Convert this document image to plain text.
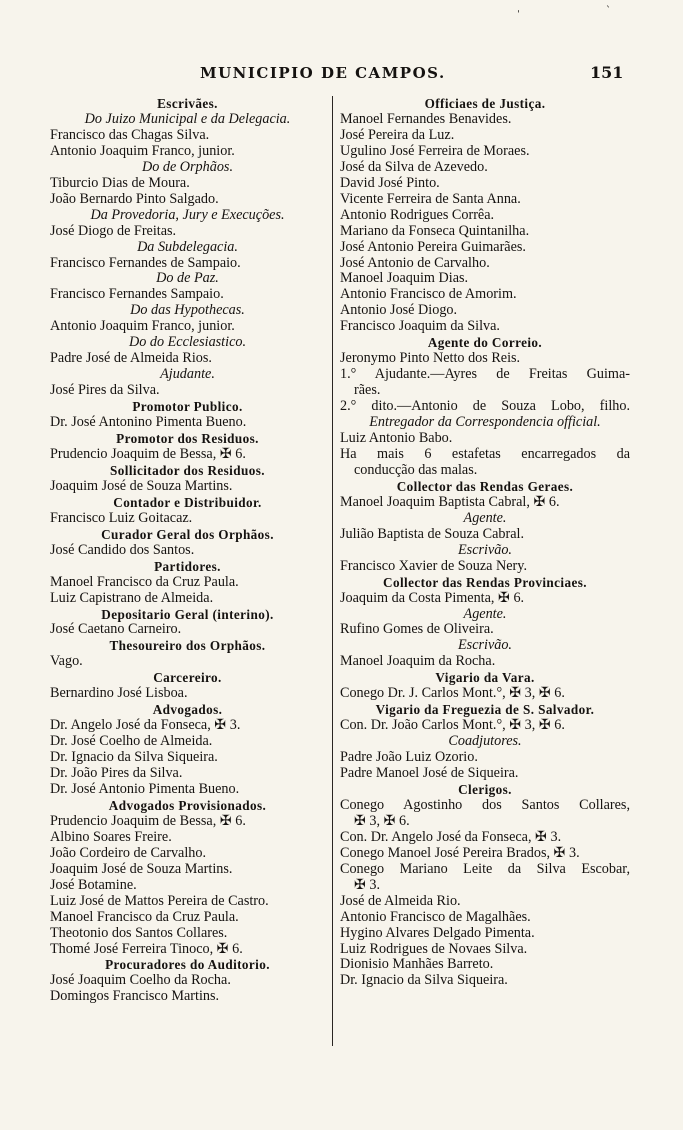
MUNICIPIO DE CAMPOS.	151
ˈ	ˋ
Escrivães.
Do Juizo Municipal e da Delegacia.
Francisco das Chagas Silva.
Antonio Joaquim Franco, junior.
Do de Orphãos.
Tiburcio Dias de Moura.
João Bernardo Pinto Salgado.
Da Provedoria, Jury e Execuções.
José Diogo de Freitas.
Da Subdelegacia.
Francisco Fernandes de Sampaio.
Do de Paz.
Francisco Fernandes Sampaio.
Do das Hypothecas.
Antonio Joaquim Franco, junior.
Do do Ecclesiastico.
Padre José de Almeida Rios.
Ajudante.
José Pires da Silva.
Promotor Publico.
Dr. José Antonino Pimenta Bueno.
Promotor dos Residuos.
Prudencio Joaquim de Bessa, ✠ 6.
Sollicitador dos Residuos.
Joaquim José de Souza Martins.
Contador e Distribuidor.
Francisco Luiz Goitacaz.
Curador Geral dos Orphãos.
José Candido dos Santos.
Partidores.
Manoel Francisco da Cruz Paula.
Luiz Capistrano de Almeida.
Depositario Geral (interino).
José Caetano Carneiro.
Thesoureiro dos Orphãos.
Vago.
Carcereiro.
Bernardino José Lisboa.
Advogados.
Dr. Angelo José da Fonseca, ✠ 3.
Dr. José Coelho de Almeida.
Dr. Ignacio da Silva Siqueira.
Dr. João Pires da Silva.
Dr. José Antonio Pimenta Bueno.
Advogados Provisionados.
Prudencio Joaquim de Bessa, ✠ 6.
Albino Soares Freire.
João Cordeiro de Carvalho.
Joaquim José de Souza Martins.
José Botamine.
Luiz José de Mattos Pereira de Castro.
Manoel Francisco da Cruz Paula.
Theotonio dos Santos Collares.
Thomé José Ferreira Tinoco, ✠ 6.
Procuradores do Auditorio.
José Joaquim Coelho da Rocha.
Domingos Francisco Martins.
Officiaes de Justiça.
Manoel Fernandes Benavides.
José Pereira da Luz.
Ugulino José Ferreira de Moraes.
José da Silva de Azevedo.
David José Pinto.
Vicente Ferreira de Santa Anna.
Antonio Rodrigues Corrêa.
Mariano da Fonseca Quintanilha.
José Antonio Pereira Guimarães.
José Antonio de Carvalho.
Manoel Joaquim Dias.
Antonio Francisco de Amorim.
Antonio José Diogo.
Francisco Joaquim da Silva.
Agente do Correio.
Jeronymo Pinto Netto dos Reis.
1.° Ajudante.—Ayres de Freitas Guima-
rães.
2.° dito.—Antonio de Souza Lobo, filho.
Entregador da Correspondencia official.
Luiz Antonio Babo.
Ha mais 6 estafetas encarregados da
conducção das malas.
Collector das Rendas Geraes.
Manoel Joaquim Baptista Cabral, ✠ 6.
Agente.
Julião Baptista de Souza Cabral.
Escrivão.
Francisco Xavier de Souza Nery.
Collector das Rendas Provinciaes.
Joaquim da Costa Pimenta, ✠ 6.
Agente.
Rufino Gomes de Oliveira.
Escrivão.
Manoel Joaquim da Rocha.
Vigario da Vara.
Conego Dr. J. Carlos Mont.°, ✠ 3, ✠ 6.
Vigario da Freguezia de S. Salvador.
Con. Dr. João Carlos Mont.°, ✠ 3, ✠ 6.
Coadjutores.
Padre João Luiz Ozorio.
Padre Manoel José de Siqueira.
Clerigos.
Conego Agostinho dos Santos Collares,
✠ 3, ✠ 6.
Con. Dr. Angelo José da Fonseca, ✠ 3.
Conego Manoel José Pereira Brados, ✠ 3.
Conego Mariano Leite da Silva Escobar,
✠ 3.
José de Almeida Rio.
Antonio Francisco de Magalhães.
Hygino Alvares Delgado Pimenta.
Luiz Rodrigues de Novaes Silva.
Dionisio Manhães Barreto.
Dr. Ignacio da Silva Siqueira.
